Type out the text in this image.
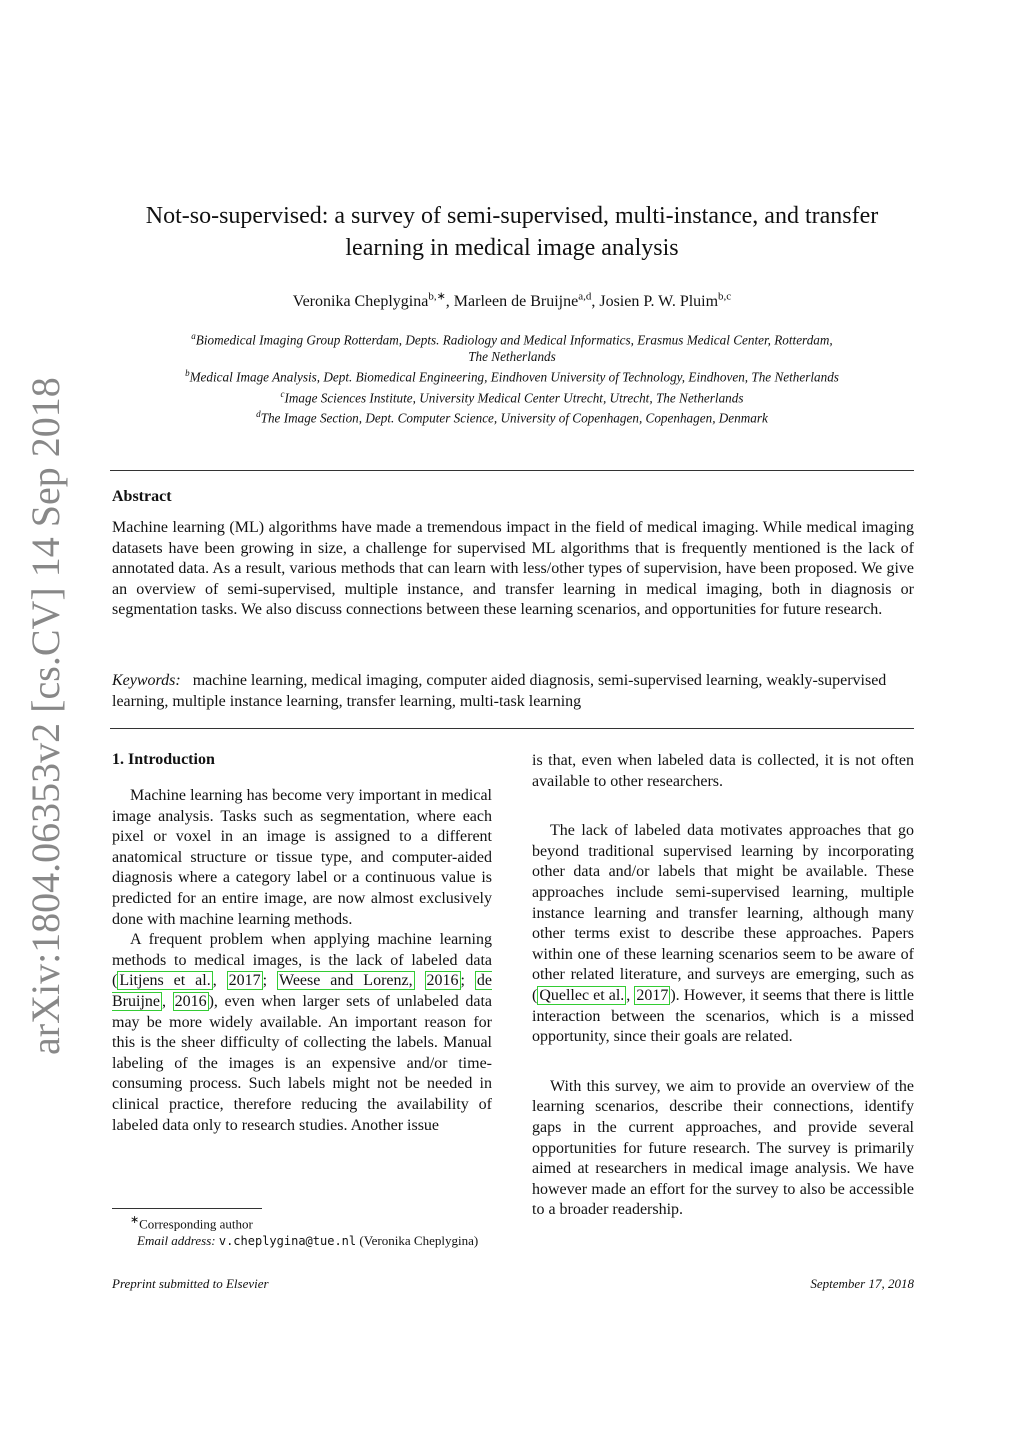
arXiv:1804.06353v2 [cs.CV] 14 Sep 2018
Not-so-supervised: a survey of semi-supervised, multi-instance, and transfer
learning in medical image analysis
Veronika Cheplygina$^{b,∗}$, Marleen de Bruijne$^{a,d}$, Josien P. W. Pluim$^{b,c}$
$^a$Biomedical Imaging Group Rotterdam, Depts. Radiology and Medical Informatics, Erasmus Medical Center, Rotterdam,
The Netherlands
$^b$Medical Image Analysis, Dept. Biomedical Engineering, Eindhoven University of Technology, Eindhoven, The Netherlands
$^c$Image Sciences Institute, University Medical Center Utrecht, Utrecht, The Netherlands
$^d$The Image Section, Dept. Computer Science, University of Copenhagen, Copenhagen, Denmark
Abstract
Machine learning (ML) algorithms have made a tremendous impact in the field of medical imaging. While medical imaging datasets have been growing in size, a challenge for supervised ML algorithms that is frequently mentioned is the lack of annotated data. As a result, various methods that can learn with less/other types of supervision, have been proposed. We give an overview of semi-supervised, multiple instance, and transfer learning in medical imaging, both in diagnosis or segmentation tasks. We also discuss connections between these learning scenarios, and opportunities for future research.
Keywords: machine learning, medical imaging, computer aided diagnosis, semi-supervised learning, weakly-supervised learning, multiple instance learning, transfer learning, multi-task learning
1. Introduction

Machine learning has become very important in medical image analysis. Tasks such as segmentation, where each pixel or voxel in an image is assigned to a different anatomical structure or tissue type, and computer-aided diagnosis where a category label or a continuous value is predicted for an entire image, are now almost exclusively done with machine learning methods.

A frequent problem when applying machine learning methods to medical images, is the lack of labeled data ( Litjens et al. , 2017 ; Weese and Lorenz, 2016 ; de Bruijne , 2016 ), even when larger sets of unlabeled data may be more widely available. An important reason for this is the sheer difficulty of collecting the labels. Manual labeling of the images is an expensive and/or time-consuming process. Such labels might not be needed in clinical practice, therefore reducing the availability of labeled data only to research studies. Another issue

is that, even when labeled data is collected, it is not often available to other researchers.

The lack of labeled data motivates approaches that go beyond traditional supervised learning by incorporating other data and/or labels that might be available. These approaches include semi-supervised learning, multiple instance learning and transfer learning, although many other terms exist to describe these approaches. Papers within one of these learning scenarios seem to be aware of other related literature, and surveys are emerging, such as ( Quellec et al. , 2017 ). However, it seems that there is little interaction between the scenarios, which is a missed opportunity, since their goals are related.

With this survey, we aim to provide an overview of the learning scenarios, describe their connections, identify gaps in the current approaches, and provide several opportunities for future research. The survey is primarily aimed at researchers in medical image analysis. We have however made an effort for the survey to also be accessible to a broader readership.

∗Corresponding author
Email address: v.cheplygina@tue.nl (Veronika Cheplygina)
Preprint submitted to Elsevier	September 17, 2018
